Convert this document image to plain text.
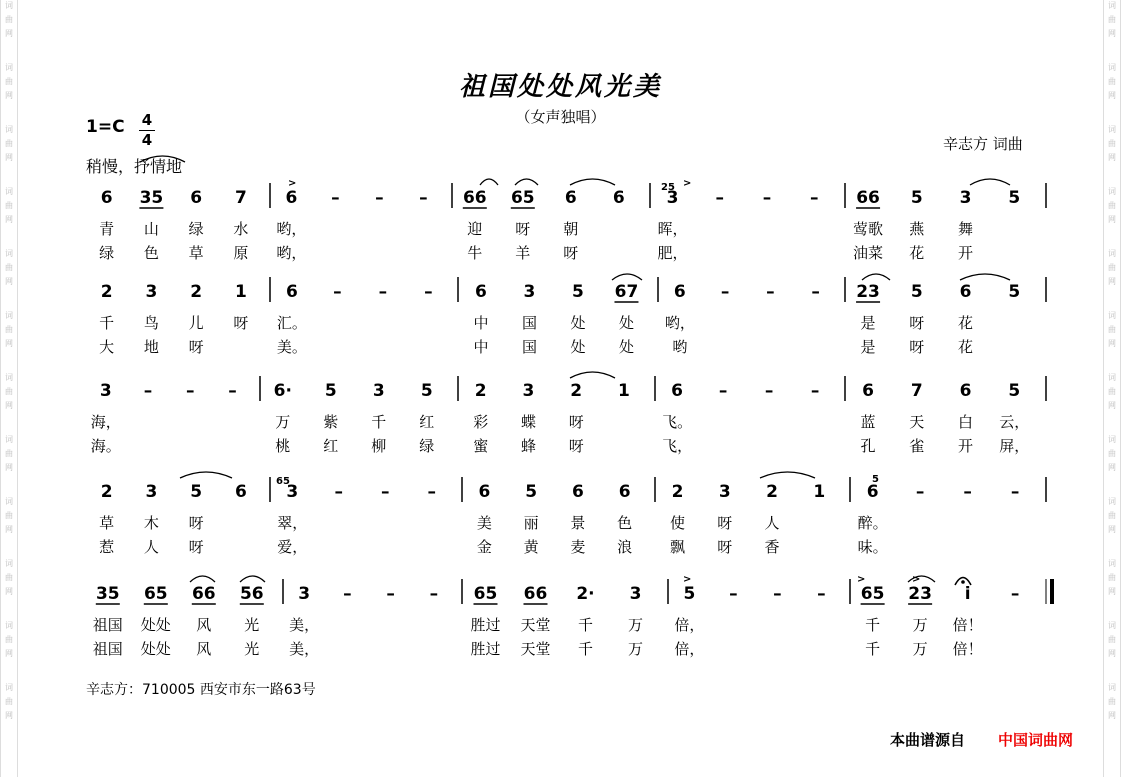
词
曲
网
词
曲
网
词
曲
网
词
曲
网
词
曲
网
词
曲
网
词
曲
网
词
曲
网
词
曲
网
词
曲
网
词
曲
网
词
曲
网
词
曲
网
词
曲
网
词
曲
网
词
曲
网
词
曲
网
词
曲
网
词
曲
网
词
曲
网
词
曲
网
词
曲
网
词
曲
网
词
曲
网
祖国处处风光美
（女声独唱）
1=C	4
4
稍慢，抒情地
辛志方 词曲
6
青
绿
35
山
色
6
绿
草
7
水
原
6
哟，
哟，
– – – 66
迎
牛
65
呀
羊
6
朝
呀
6 3
晖，
肥，
– – – 66
莺歌
油菜
5
燕
花
3
舞
开
5
2
千
大
3
鸟
地
2
儿
呀
1
呀
6
汇。
美。
– – – 6
中
中
3
国
国
5
处
处
67
处
处
6
哟，
哟
– – – 23
是
是
5
呀
呀
6
花
花
5
3
海，
海。
– – – 6·
万
桃
5
紫
红
3
千
柳
5
红
绿
2
彩
蜜
3
蝶
蜂
2
呀
呀
1 6
飞。
飞，
– – –	6
蓝
孔
7
天
雀
6
白
开
5
云，
屏，
2
草
惹
3
木
人
5
呀
呀
6 3
翠，
爱，
– – – 6
美
金
5
丽
黄
6
景
麦
6
色
浪
2
使
飘
3
呀
呀
2
人
香
1 6
醉。
味。
– – –
35
祖国
祖国
65
处处
处处
66
风
风
56
光
光
3
美，
美，
– – – 65
胜过
胜过
66
天堂
天堂
2·
千
千
3
万
万
5
倍，
倍，
– – – 65
千
千
23
万
万
i
倍！
倍！
–
25
65	5
>	>
>	>	>
辛志方：710005 西安市东一路63号
本曲谱源自 中国词曲网
